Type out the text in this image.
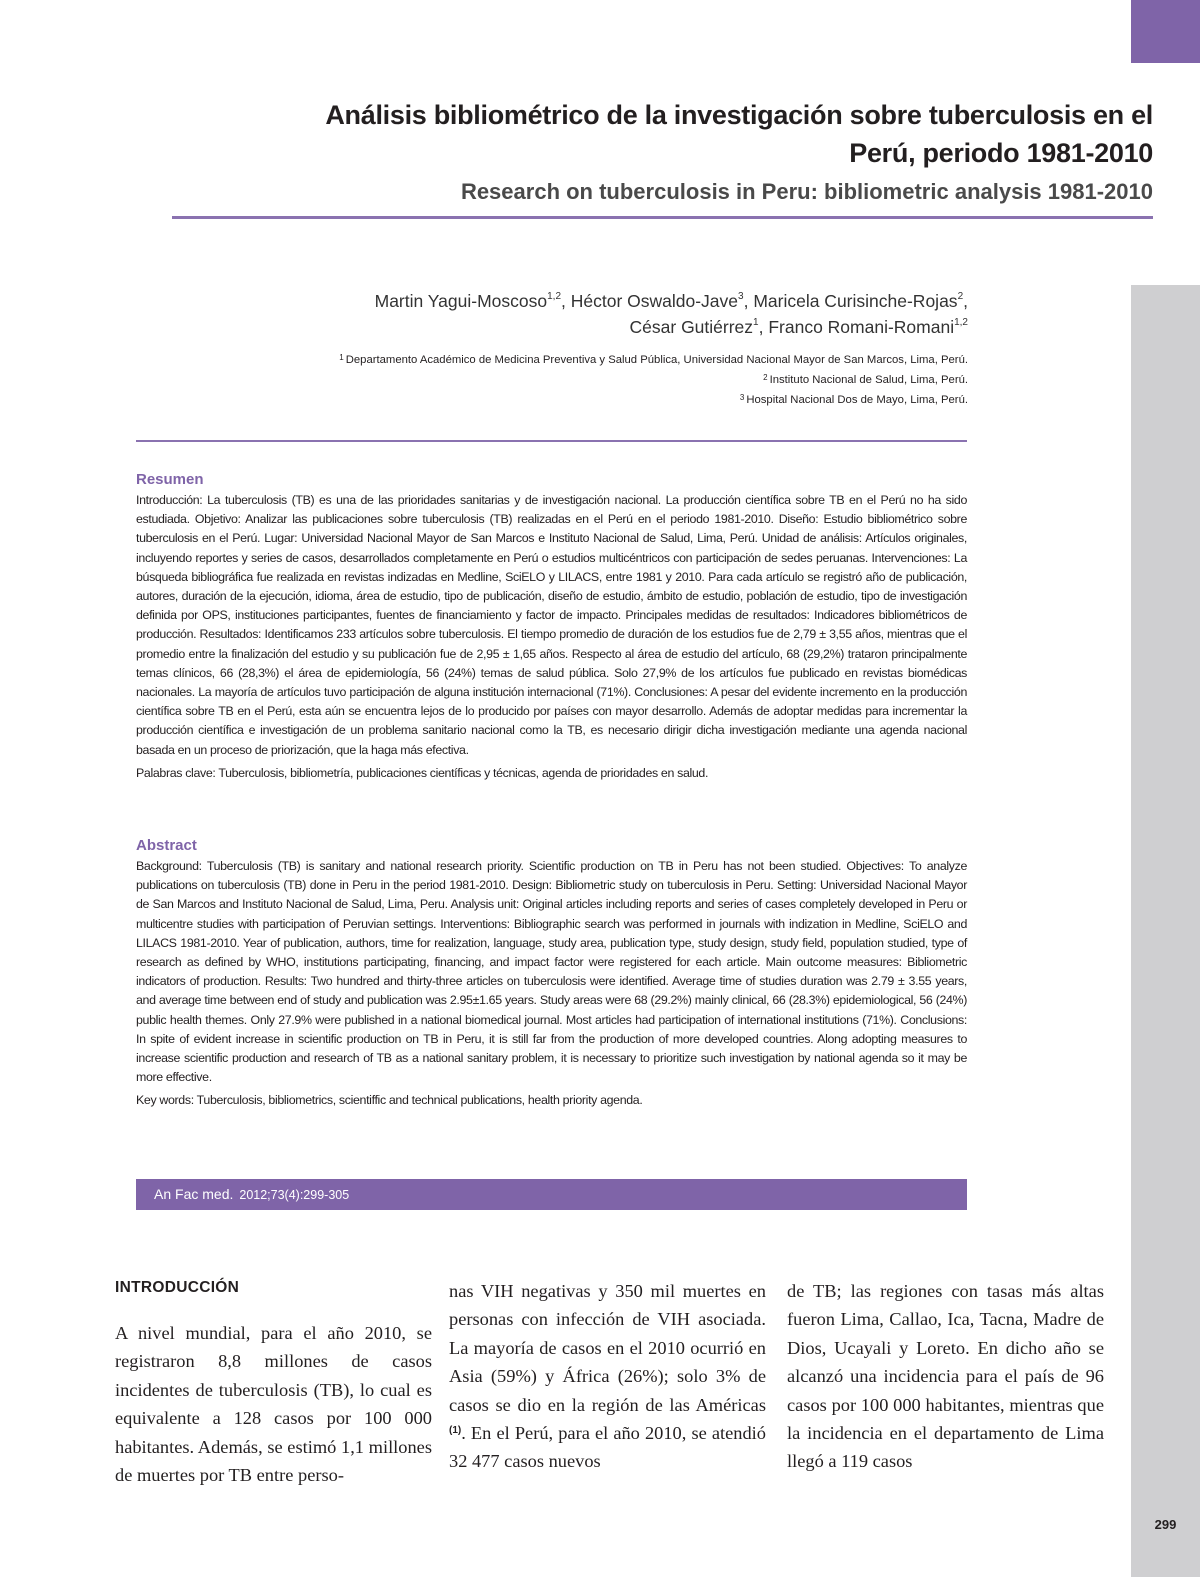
299
Análisis bibliométrico de la investigación sobre tuberculosis en el
Perú, periodo 1981-2010
Research on tuberculosis in Peru: bibliometric analysis 1981-2010
Martin Yagui-Moscoso$^{1,2}$, Héctor Oswaldo-Jave$^3$, Maricela Curisinche-Rojas$^2$,
César Gutiérrez$^1$, Franco Romani-Romani$^{1,2}$
$^1$ Departamento Académico de Medicina Preventiva y Salud Pública, Universidad Nacional Mayor de San Marcos, Lima, Perú.
$^2$ Instituto Nacional de Salud, Lima, Perú.
$^3$ Hospital Nacional Dos de Mayo, Lima, Perú.
Resumen

Introducción: La tuberculosis (TB) es una de las prioridades sanitarias y de investigación nacional. La producción científica sobre TB en el Perú no ha sido estudiada. Objetivo: Analizar las publicaciones sobre tuberculosis (TB) realizadas en el Perú en el periodo 1981-2010. Diseño: Estudio bibliométrico sobre tuberculosis en el Perú. Lugar: Universidad Nacional Mayor de San Marcos e Instituto Nacional de Salud, Lima, Perú. Unidad de análisis: Artículos originales, incluyendo reportes y series de casos, desarrollados completamente en Perú o estudios multicéntricos con participación de sedes peruanas. Intervenciones: La búsqueda bibliográfica fue realizada en revistas indizadas en Medline, SciELO y LILACS, entre 1981 y 2010. Para cada artículo se registró año de publicación, autores, duración de la ejecución, idioma, área de estudio, tipo de publicación, diseño de estudio, ámbito de estudio, población de estudio, tipo de investigación definida por OPS, instituciones participantes, fuentes de financiamiento y factor de impacto. Principales medidas de resultados: Indicadores bibliométricos de producción. Resultados: Identificamos 233 artículos sobre tuberculosis. El tiempo promedio de duración de los estudios fue de 2,79 ± 3,55 años, mientras que el promedio entre la finalización del estudio y su publicación fue de 2,95 ± 1,65 años. Respecto al área de estudio del artículo, 68 (29,2%) trataron principalmente temas clínicos, 66 (28,3%) el área de epidemiología, 56 (24%) temas de salud pública. Solo 27,9% de los artículos fue publicado en revistas biomédicas nacionales. La mayoría de artículos tuvo participación de alguna institución internacional (71%). Conclusiones: A pesar del evidente incremento en la producción científica sobre TB en el Perú, esta aún se encuentra lejos de lo producido por países con mayor desarrollo. Además de adoptar medidas para incrementar la producción científica e investigación de un problema sanitario nacional como la TB, es necesario dirigir dicha investigación mediante una agenda nacional basada en un proceso de priorización, que la haga más efectiva.

Palabras clave: Tuberculosis, bibliometría, publicaciones científicas y técnicas, agenda de prioridades en salud.

Abstract

Background: Tuberculosis (TB) is sanitary and national research priority. Scientific production on TB in Peru has not been studied. Objectives: To analyze publications on tuberculosis (TB) done in Peru in the period 1981-2010. Design: Bibliometric study on tuberculosis in Peru. Setting: Universidad Nacional Mayor de San Marcos and Instituto Nacional de Salud, Lima, Peru. Analysis unit: Original articles including reports and series of cases completely developed in Peru or multicentre studies with participation of Peruvian settings. Interventions: Bibliographic search was performed in journals with indization in Medline, SciELO and LILACS 1981-2010. Year of publication, authors, time for realization, language, study area, publication type, study design, study field, population studied, type of research as defined by WHO, institutions participating, financing, and impact factor were registered for each article. Main outcome measures: Bibliometric indicators of production. Results: Two hundred and thirty-three articles on tuberculosis were identified. Average time of studies duration was 2.79 ± 3.55 years, and average time between end of study and publication was 2.95±1.65 years. Study areas were 68 (29.2%) mainly clinical, 66 (28.3%) epidemiological, 56 (24%) public health themes. Only 27.9% were published in a national biomedical journal. Most articles had participation of international institutions (71%). Conclusions: In spite of evident increase in scientific production on TB in Peru, it is still far from the production of more developed countries. Along adopting measures to increase scientific production and research of TB as a national sanitary problem, it is necessary to prioritize such investigation by national agenda so it may be more effective.

Key words: Tuberculosis, bibliometrics, scientiffic and technical publications, health priority agenda.

An Fac med. 2012;73(4):299-305
INTRODUCCIÓN

A nivel mundial, para el año 2010, se registraron 8,8 millones de casos incidentes de tuberculosis (TB), lo cual es equivalente a 128 casos por 100 000 habitantes. Además, se estimó 1,1 millones de muertes por TB entre perso-

nas VIH negativas y 350 mil muertes en personas con infección de VIH asociada. La mayoría de casos en el 2010 ocurrió en Asia (59%) y África (26%); solo 3% de casos se dio en la región de las Américas $^{(1)}$. En el Perú, para el año 2010, se atendió 32 477 casos nuevos

de TB; las regiones con tasas más altas fueron Lima, Callao, Ica, Tacna, Madre de Dios, Ucayali y Loreto. En dicho año se alcanzó una incidencia para el país de 96 casos por 100 000 habitantes, mientras que la incidencia en el departamento de Lima llegó a 119 casos
